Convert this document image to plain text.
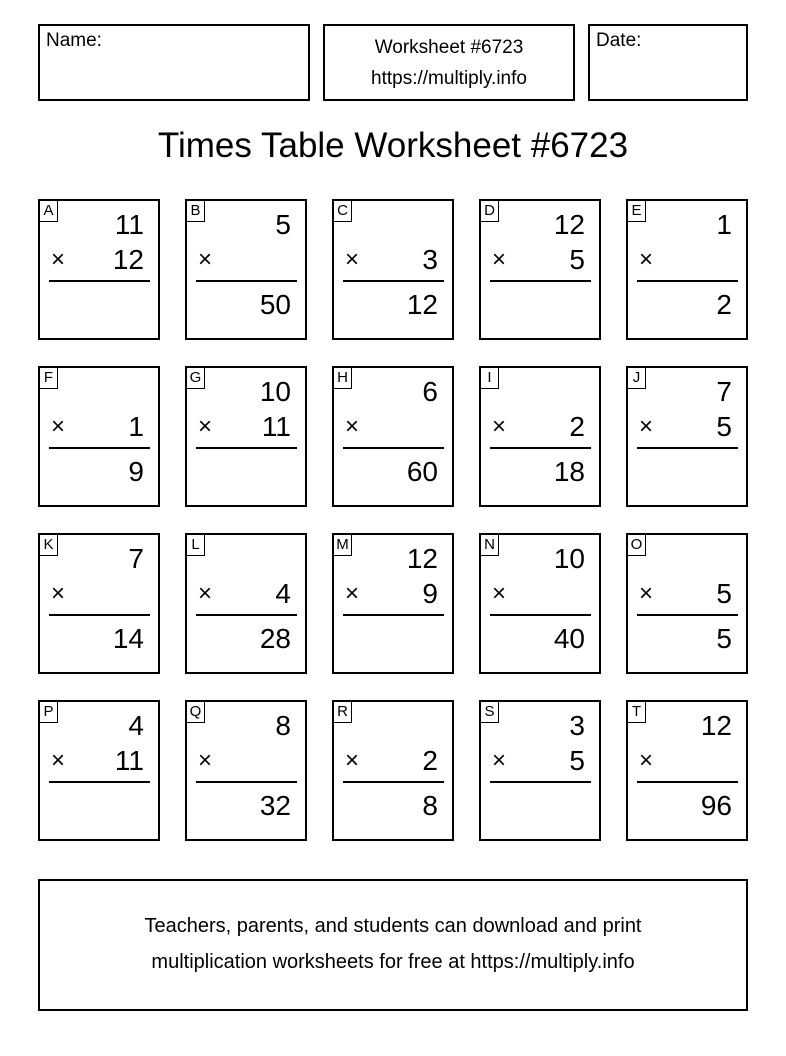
Name:	Worksheet #6723
https://multiply.info
Date:
Times Table Worksheet #6723
A 11
× 12
B	5
×
50
C
× 3
12
D 12
× 5
E	1
×
2
F
× 1
9
G 10
× 11
H	6
×
60
I
× 2
18
J	7
× 5
K	7
×
14
L
× 4
28
M 12
× 9
N 10
×
40
O
× 5
5
P	4
× 11
Q	8
×
32
R
× 2
8
S	3
× 5
T 12
×
96
Teachers, parents, and students can download and print
multiplication worksheets for free at https://multiply.info
